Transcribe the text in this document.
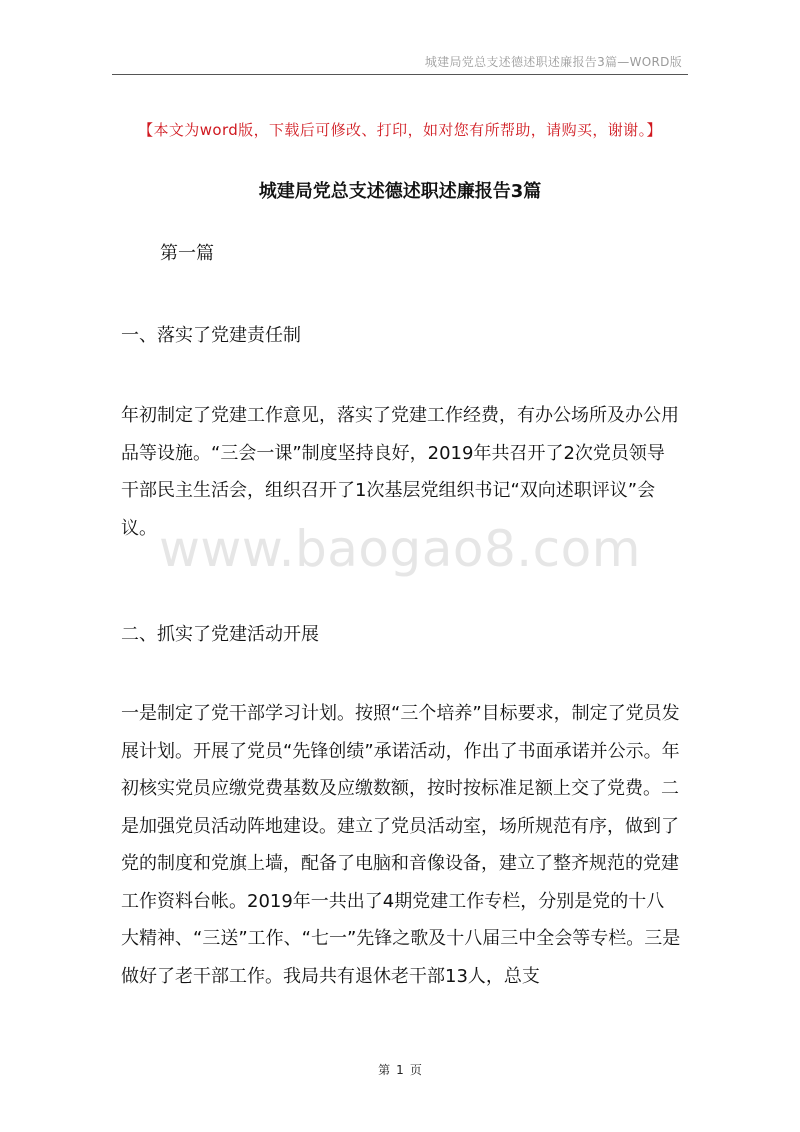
城建局党总支述德述职述廉报告3篇—WORD版
【本文为word版，下载后可修改、打印，如对您有所帮助，请购买，谢谢。】
城建局党总支述德述职述廉报告3篇
第一篇
一、落实了党建责任制
年初制定了党建工作意见，落实了党建工作经费，有办公场所及办公用品等设施。“三会一课”制度坚持良好，2019年共召开了2次党员领导干部民主生活会，组织召开了1次基层党组织书记“双向述职评议”会议。 www.baogao8.com
二、抓实了党建活动开展
一是制定了党干部学习计划。按照“三个培养”目标要求，制定了党员发展计划。开展了党员“先锋创绩”承诺活动，作出了书面承诺并公示。年初核实党员应缴党费基数及应缴数额，按时按标准足额上交了党费。二是加强党员活动阵地建设。建立了党员活动室，场所规范有序，做到了党的制度和党旗上墙，配备了电脑和音像设备，建立了整齐规范的党建工作资料台帐。2019年一共出了4期党建工作专栏，分别是党的十八大精神、“三送”工作、“七一”先锋之歌及十八届三中全会等专栏。三是做好了老干部工作。我局共有退休老干部13人，总支
第 1 页
